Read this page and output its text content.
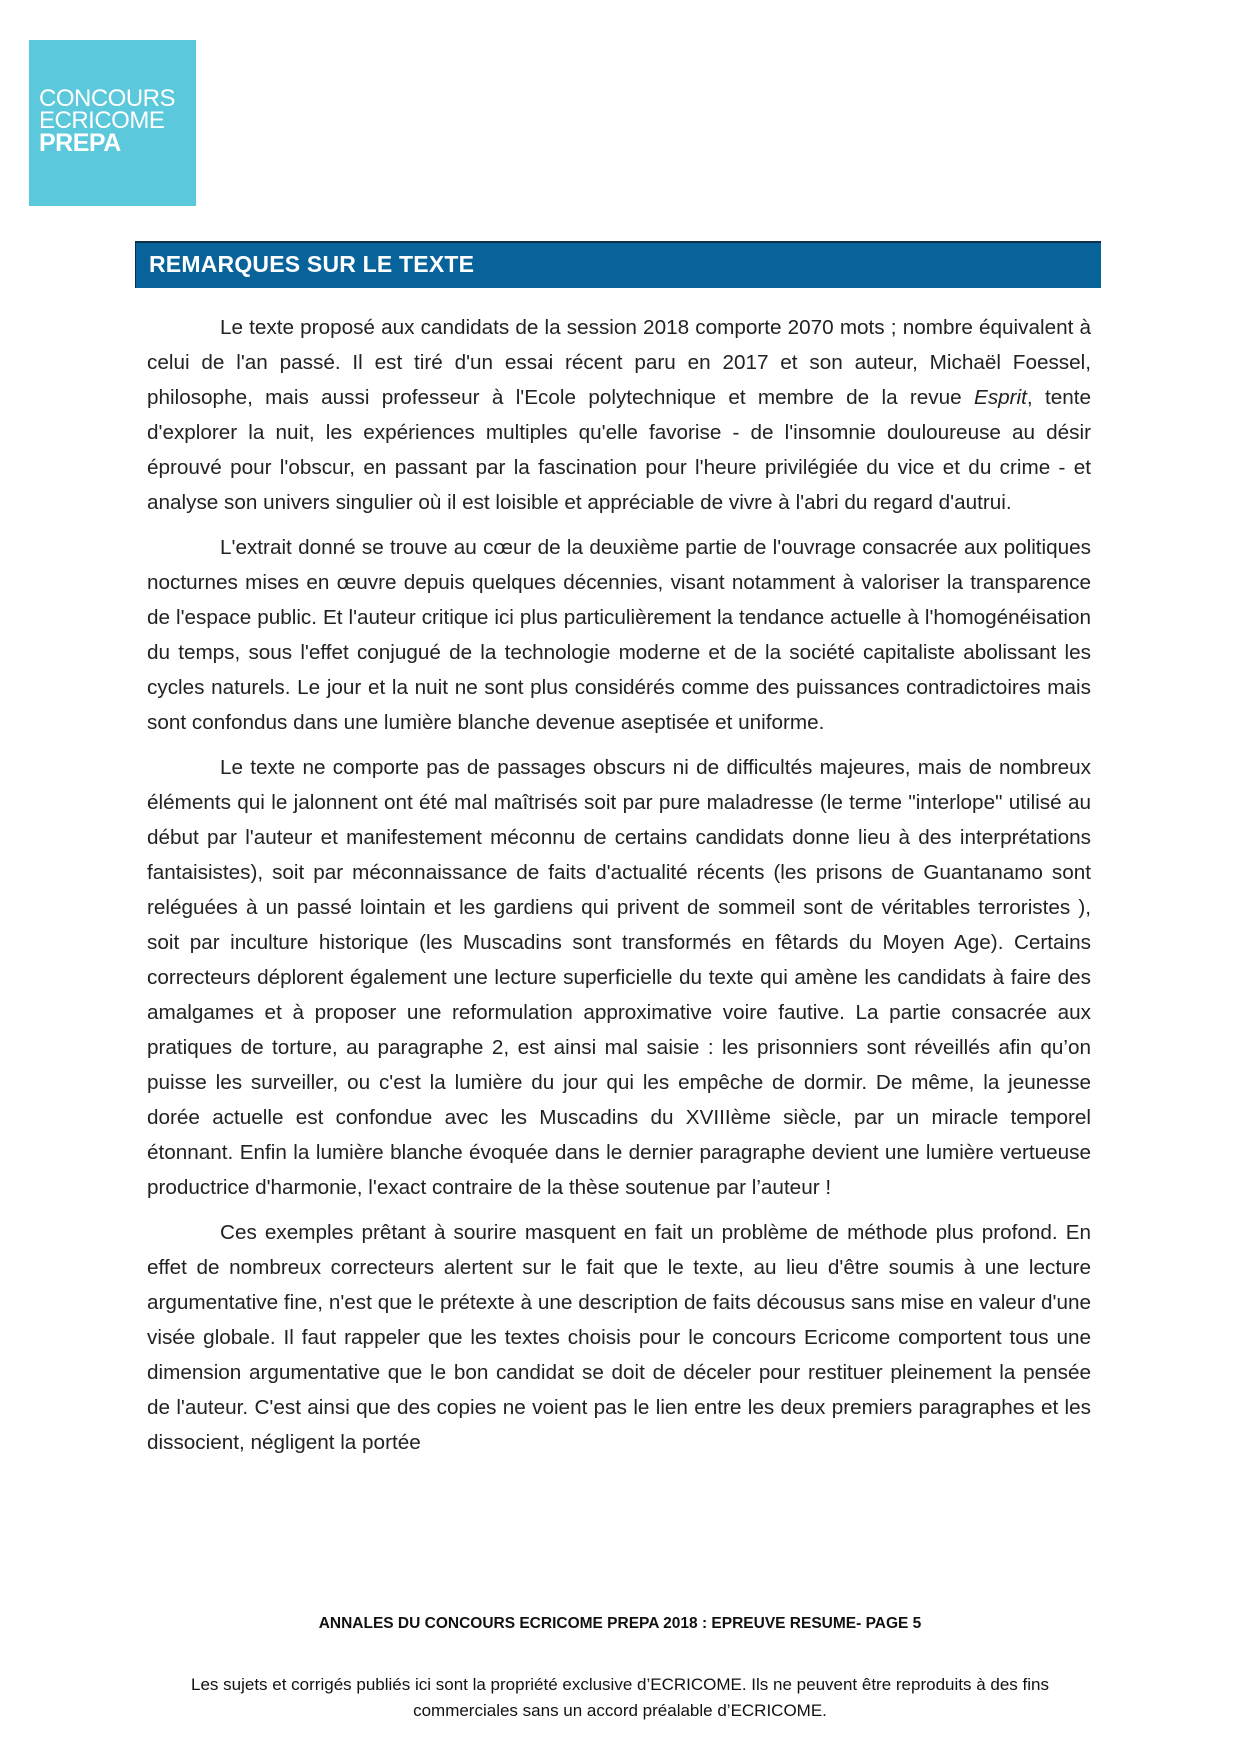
CONCOURS
ECRICOME
PREPA
REMARQUES SUR LE TEXTE

Le texte proposé aux candidats de la session 2018 comporte 2070 mots ; nombre équivalent à celui de l'an passé. Il est tiré d'un essai récent paru en 2017 et son auteur, Michaël Foessel, philosophe, mais aussi professeur à l'Ecole polytechnique et membre de la revue Esprit, tente d'explorer la nuit, les expériences multiples qu'elle favorise - de l'insomnie douloureuse au désir éprouvé pour l'obscur, en passant par la fascination pour l'heure privilégiée du vice et du crime - et analyse son univers singulier où il est loisible et appréciable de vivre à l'abri du regard d'autrui.

L'extrait donné se trouve au cœur de la deuxième partie de l'ouvrage consacrée aux politiques nocturnes mises en œuvre depuis quelques décennies, visant notamment à valoriser la transparence de l'espace public. Et l'auteur critique ici plus particulièrement la tendance actuelle à l'homogénéisation du temps, sous l'effet conjugué de la technologie moderne et de la société capitaliste abolissant les cycles naturels. Le jour et la nuit ne sont plus considérés comme des puissances contradictoires mais sont confondus dans une lumière blanche devenue aseptisée et uniforme.

Le texte ne comporte pas de passages obscurs ni de difficultés majeures, mais de nombreux éléments qui le jalonnent ont été mal maîtrisés soit par pure maladresse (le terme "interlope" utilisé au début par l'auteur et manifestement méconnu de certains candidats donne lieu à des interprétations fantaisistes), soit par méconnaissance de faits d'actualité récents (les prisons de Guantanamo sont reléguées à un passé lointain et les gardiens qui privent de sommeil sont de véritables terroristes ), soit par inculture historique (les Muscadins sont transformés en fêtards du Moyen Age). Certains correcteurs déplorent également une lecture superficielle du texte qui amène les candidats à faire des amalgames et à proposer une reformulation approximative voire fautive. La partie consacrée aux pratiques de torture, au paragraphe 2, est ainsi mal saisie : les prisonniers sont réveillés afin qu’on puisse les surveiller, ou c'est la lumière du jour qui les empêche de dormir. De même, la jeunesse dorée actuelle est confondue avec les Muscadins du XVIIIème siècle, par un miracle temporel étonnant. Enfin la lumière blanche évoquée dans le dernier paragraphe devient une lumière vertueuse productrice d'harmonie, l'exact contraire de la thèse soutenue par l’auteur !

Ces exemples prêtant à sourire masquent en fait un problème de méthode plus profond. En effet de nombreux correcteurs alertent sur le fait que le texte, au lieu d'être soumis à une lecture argumentative fine, n'est que le prétexte à une description de faits décousus sans mise en valeur d'une visée globale. Il faut rappeler que les textes choisis pour le concours Ecricome comportent tous une dimension argumentative que le bon candidat se doit de déceler pour restituer pleinement la pensée de l'auteur. C'est ainsi que des copies ne voient pas le lien entre les deux premiers paragraphes et les dissocient, négligent la portée

ANNALES DU CONCOURS ECRICOME PREPA 2018 : EPREUVE RESUME- PAGE 5
Les sujets et corrigés publiés ici sont la propriété exclusive d’ECRICOME. Ils ne peuvent être reproduits à des fins commerciales sans un accord préalable d’ECRICOME.
